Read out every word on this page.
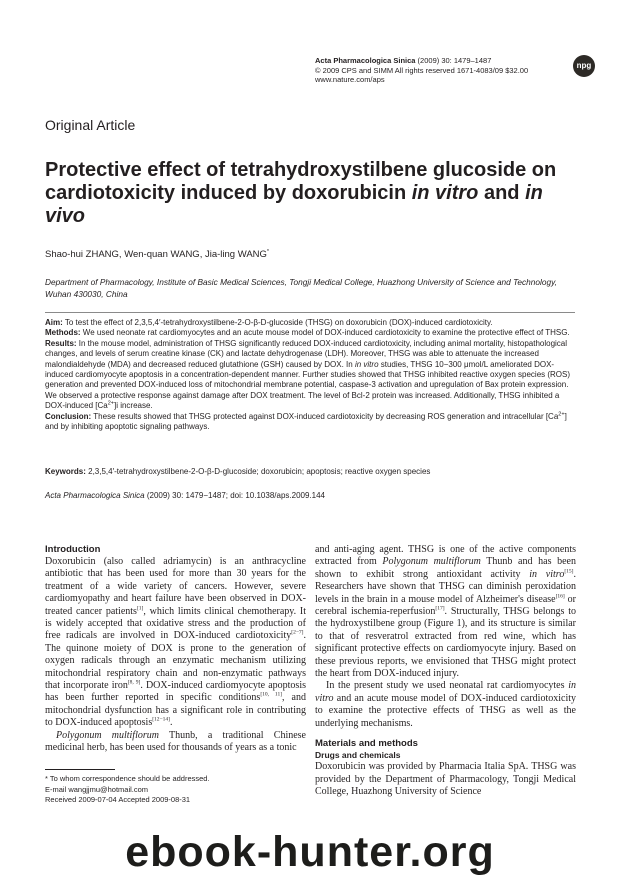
Acta Pharmacologica Sinica (2009) 30: 1479–1487
© 2009 CPS and SIMM All rights reserved 1671-4083/09 $32.00
www.nature.com/aps
npg
Original Article
Protective effect of tetrahydroxystilbene glucoside on cardiotoxicity induced by doxorubicin in vitro and in vivo
Shao-hui ZHANG, Wen-quan WANG, Jia-ling WANG*
Department of Pharmacology, Institute of Basic Medical Sciences, Tongji Medical College, Huazhong University of Science and Technology, Wuhan 430030, China

Aim: To test the effect of 2,3,5,4′-tetrahydroxystilbene-2-O-β-D-glucoside (THSG) on doxorubicin (DOX)-induced cardiotoxicity.

Methods: We used neonate rat cardiomyocytes and an acute mouse model of DOX-induced cardiotoxicity to examine the protective effect of THSG.

Results: In the mouse model, administration of THSG significantly reduced DOX-induced cardiotoxicity, including animal mortality, histopathological changes, and levels of serum creatine kinase (CK) and lactate dehydrogenase (LDH). Moreover, THSG was able to attenuate the increased malondialdehyde (MDA) and decreased reduced glutathione (GSH) caused by DOX. In in vitro studies, THSG 10−300 μmol/L ameliorated DOX-induced cardiomyocyte apoptosis in a concentration-dependent manner. Further studies showed that THSG inhibited reactive oxygen species (ROS) generation and prevented DOX-induced loss of mitochondrial membrane potential, caspase-3 activation and upregulation of Bax protein expression. We observed a protective response against damage after DOX treatment. The level of Bcl-2 protein was increased. Additionally, THSG inhibited a DOX-induced $[Ca^{2+}]i$ increase.

Conclusion: These results showed that THSG protected against DOX-induced cardiotoxicity by decreasing ROS generation and intracellular $[Ca^{2+}]$ and by inhibiting apoptotic signaling pathways.

Keywords: 2,3,5,4′-tetrahydroxystilbene-2-O-β-D-glucoside; doxorubicin; apoptosis; reactive oxygen species
Acta Pharmacologica Sinica (2009) 30: 1479−1487; doi: 10.1038/aps.2009.144
Introduction

Doxorubicin (also called adriamycin) is an anthracycline antibiotic that has been used for more than 30 years for the treatment of a wide variety of cancers. However, severe cardiomyopathy and heart failure have been observed in DOX-treated cancer patients[1], which limits clinical chemotherapy. It is widely accepted that oxidative stress and the production of free radicals are involved in DOX-induced cardiotoxicity[2−7]. The quinone moiety of DOX is prone to the generation of oxygen radicals through an enzymatic mechanism utilizing mitochondrial respiratory chain and non-enzymatic pathways that incorporate iron[8, 9]. DOX-induced cardiomyocyte apoptosis has been further reported in specific conditions[10, 11], and mitochondrial dysfunction has a significant role in contributing to DOX-induced apoptosis[12−14].

Polygonum multiflorum Thunb, a traditional Chinese medicinal herb, has been used for thousands of years as a tonic

and anti-aging agent. THSG is one of the active components extracted from Polygonum multiflorum Thunb and has been shown to exhibit strong antioxidant activity in vitro[15]. Researchers have shown that THSG can diminish peroxidation levels in the brain in a mouse model of Alzheimer's disease[16] or cerebral ischemia-reperfusion[17]. Structurally, THSG belongs to the hydroxystilbene group (Figure 1), and its structure is similar to that of resveratrol extracted from red wine, which has significant protective effects on cardiomyocyte injury. Based on these previous reports, we envisioned that THSG might protect the heart from DOX-induced injury.

In the present study we used neonatal rat cardiomyocytes in vitro and an acute mouse model of DOX-induced cardiotoxicity to examine the protective effects of THSG as well as the underlying mechanisms.

Materials and methods
Drugs and chemicals

Doxorubicin was provided by Pharmacia Italia SpA. THSG was provided by the Department of Pharmacology, Tongji Medical College, Huazhong University of Science

* To whom correspondence should be addressed.
E-mail wangjjmu@hotmail.com
Received 2009-07-04 Accepted 2009-08-31
ebook-hunter.org
